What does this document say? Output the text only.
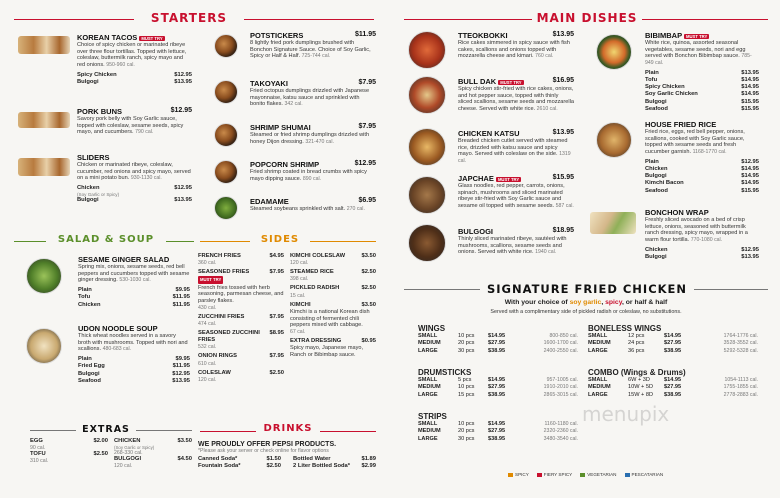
STARTERS
KOREAN TACOS MUST TRY
Choice of spicy chicken or marinated ribeye over three flour tortillas. Topped with lettuce, coleslaw, buttermilk ranch, spicy mayo and red onions. 950-960 cal.
Spicy Chicken	$12.95
Bulgogi	$13.95
PORK BUNS	$12.95
Savory pork belly with Soy Garlic sauce, topped with coleslaw, sesame seeds, spicy mayo, and cucumbers. 790 cal.
SLIDERS
Chicken or marinated ribeye, coleslaw, cucumber, red onions and spicy mayo, served on a mini potato bun. 930-1130 cal.
Chicken	$12.95
(Soy Garlic or Spicy)
Bulgogi	$13.95
POTSTICKERS	$11.95
8 lightly fried pork dumplings brushed with Bonchon Signature Sauce. Choice of Soy Garlic, Spicy or Half & Half. 725-744 cal.
TAKOYAKI	$7.95
Fried octopus dumplings drizzled with Japanese mayonnaise, katsu sauce and sprinkled with bonito flakes. 342 cal.
SHRIMP SHUMAI	$7.95
Steamed or fried shrimp dumplings drizzled with honey Dijon dressing. 321-470 cal.
POPCORN SHRIMP	$12.95
Fried shrimp coated in bread crumbs with spicy mayo dipping sauce. 890 cal.
EDAMAME	$6.95
Steamed soybeans sprinkled with salt. 270 cal.
SALAD & SOUP
SESAME GINGER SALAD
Spring mix, onions, sesame seeds, red bell peppers and cucumbers topped with sesame ginger dressing. 530-1030 cal.
Plain	$9.95
Tofu	$11.95
Chicken	$11.95
UDON NOODLE SOUP
Thick wheat noodles served in a savory broth with mushrooms. Topped with nori and scallions. 480-683 cal.
Plain	$9.95
Fried Egg	$11.95
Bulgogi	$12.95
Seafood	$13.95
EXTRAS
EGG	$2.00
90 cal.
TOFU	$2.50
310 cal.
CHICKEN	$3.50
(Soy Garlic or Spicy)
268-330 cal.
BULGOGI	$4.50
120 cal.
SIDES
FRENCH FRIES	$4.95
360 cal.
SEASONED FRIES MUST TRY
$7.95
French fries tossed with herb seasoning, parmesan cheese, and parsley flakes.
430 cal.
ZUCCHINI FRIES	$7.95
474 cal.
SEASONED ZUCCHINI FRIES
$8.95
532 cal.
ONION RINGS	$7.95
610 cal.
COLESLAW	$2.50
120 cal.
KIMCHI COLESLAW	$3.50
120 cal.
STEAMED RICE	$2.50
398 cal.
PICKLED RADISH	$2.50
15 cal.
KIMCHI	$3.50
Kimchi is a national Korean dish consisting of fermented chili peppers mixed with cabbage.
67 cal.
EXTRA DRESSING	$0.95
Spicy mayo, Japanese mayo, Ranch or Bibimbap sauce.
DRINKS
WE PROUDLY OFFER PEPSI PRODUCTS.
*Please ask your server or check online for flavor options
Canned Soda*	$1.50 Bottled Water	$1.89
Fountain Soda*	$2.50 2 Liter Bottled Soda* $2.99
MAIN DISHES
TTEOKBOKKI	$13.95
Rice cakes simmered in spicy sauce with fish cakes, scallions and onions topped with mozzarella cheese and kimari. 760 cal.
BULL DAK MUST TRY	$16.95
Spicy chicken stir-fried with rice cakes, onions, and hot pepper sauce, topped with thinly sliced scallions, sesame seeds and mozzarella cheese. Served with white rice. 2610 cal.
CHICKEN KATSU	$13.95
Breaded chicken cutlet served with steamed rice, drizzled with katsu sauce and spicy mayo. Served with coleslaw on the side. 1319 cal.
JAPCHAE MUST TRY	$15.95
Glass noodles, red pepper, carrots, onions, spinach, mushrooms and sliced marinated ribeye stir-fried with Soy Garlic sauce and sesame oil topped with sesame seeds. 587 cal.
BULGOGI	$18.95
Thinly sliced marinated ribeye, sautéed with mushrooms, scallions, sesame seeds and onions. Served with white rice. 1940 cal.
BIBIMBAP MUST TRY
White rice, quinoa, assorted seasonal vegetables, sesame seeds, nori and egg served with Bonchon Bibimbap sauce. 785-949 cal.
Plain	$13.95
Tofu	$14.95
Spicy Chicken	$14.95
Soy Garlic Chicken	$14.95
Bulgogi	$15.95
Seafood	$15.95
HOUSE FRIED RICE
Fried rice, eggs, red bell pepper, onions, scallions, cooked with Soy Garlic sauce, topped with sesame seeds and fresh cucumber garnish. 1168-1770 cal.
Plain	$12.95
Chicken	$14.95
Bulgogi	$14.95
Kimchi Bacon	$14.95
Seafood	$15.95
BONCHON WRAP
Freshly sliced avocado on a bed of crisp lettuce, onions, seasoned with buttermilk ranch dressing, spicy mayo, wrapped in a warm flour tortilla. 770-1080 cal.
Chicken	$12.95
Bulgogi	$13.95
SIGNATURE FRIED CHICKEN
With your choice of soy garlic, spicy, or half & half
Served with a complimentary side of pickled radish or coleslaw, no substitutions.
WINGS
SMALL	10 pcs	$14.95	800-850 cal.
MEDIUM	20 pcs	$27.95	1600-1700 cal.
LARGE	30 pcs	$38.95	2400-2550 cal.
DRUMSTICKS
SMALL	5 pcs	$14.95	957-1005 cal.
MEDIUM	10 pcs	$27.95	1910-2010 cal.
LARGE	15 pcs	$38.95	2865-3015 cal.
STRIPS
SMALL	10 pcs	$14.95	1160-1180 cal.
MEDIUM	20 pcs	$27.95	2320-2360 cal.
LARGE	30 pcs	$38.95	3480-3540 cal.
BONELESS WINGS
SMALL	12 pcs	$14.95	1764-1776 cal.
MEDIUM	24 pcs	$27.95	3528-3552 cal.
LARGE	36 pcs	$38.95	5292-5328 cal.
COMBO (Wings & Drums)
SMALL	6W + 3D	$14.95	1054-1113 cal.
MEDIUM	10W + 5D	$27.95	1755-1855 cal.
LARGE	15W + 8D	$38.95	2778-2883 cal.
menupix
SPICY	FIERY SPICY	VEGETARIAN	PESCATARIAN
